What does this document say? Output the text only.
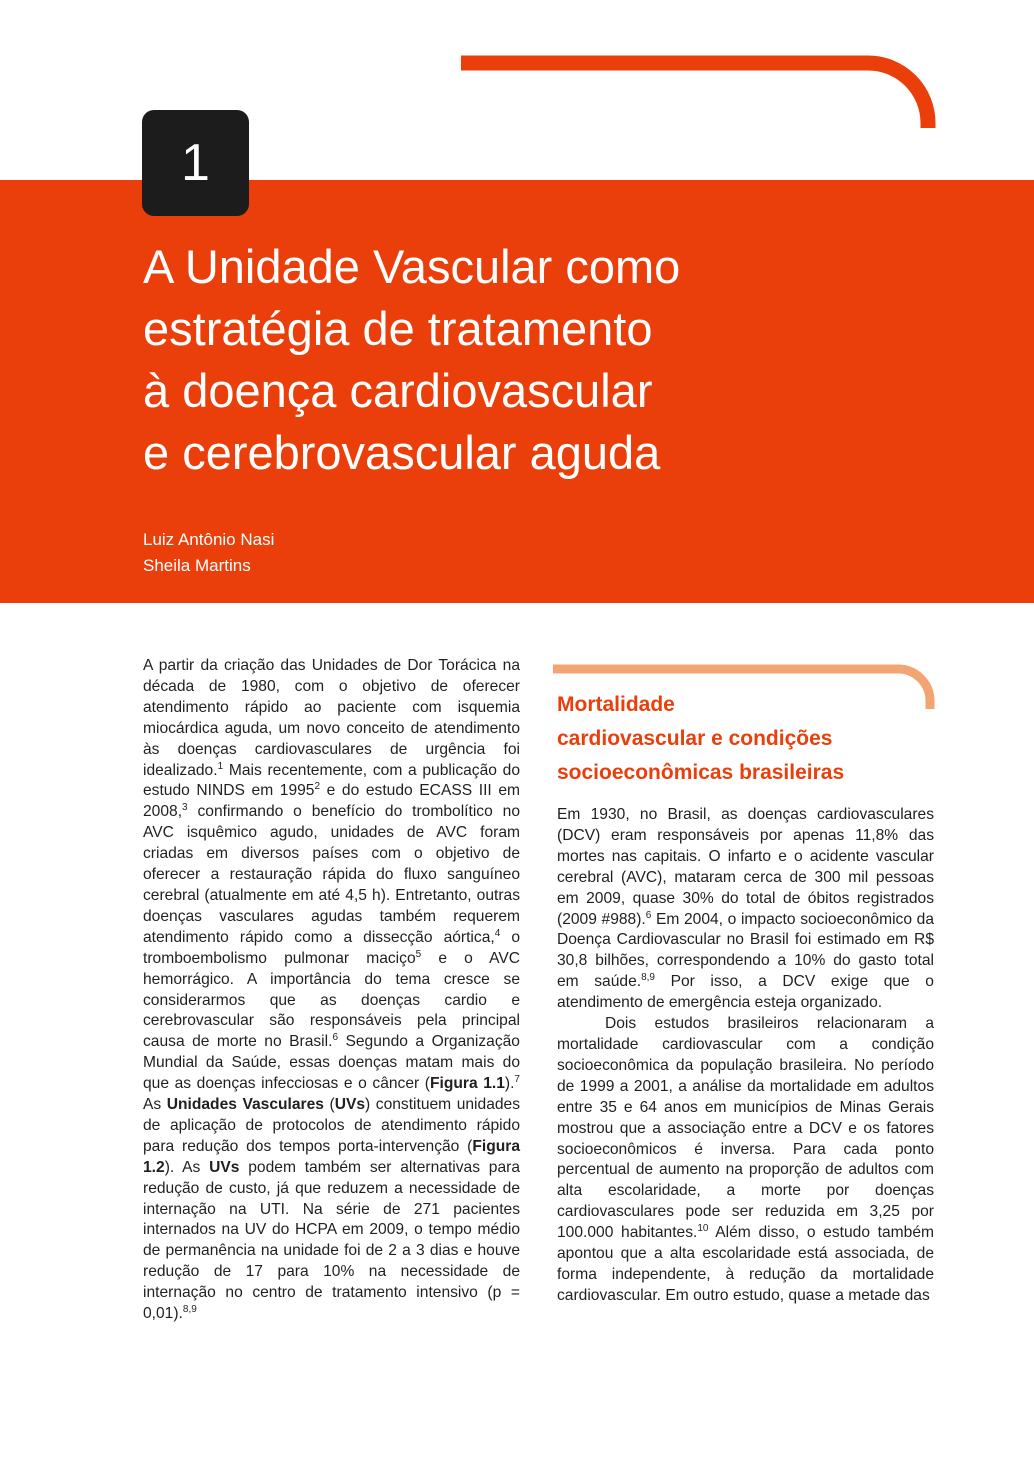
1
A Unidade Vascular como
estratégia de tratamento
à doença cardiovascular
e cerebrovascular aguda
Luiz Antônio Nasi
Sheila Martins

A partir da criação das Unidades de Dor Torácica na década de 1980, com o objetivo de oferecer atendimento rápido ao paciente com isquemia miocárdica aguda, um novo conceito de atendimento às doenças cardiovasculares de urgência foi idealizado.$^1$ Mais recentemente, com a publicação do estudo NINDS em 1995$^2$ e do estudo ECASS III em 2008,$^3$ confirmando o benefício do trombolítico no AVC isquêmico agudo, unidades de AVC foram criadas em diversos países com o objetivo de oferecer a restauração rápida do fluxo sanguíneo cerebral (atualmente em até 4,5 h). Entretanto, outras doenças vasculares agudas também requerem atendimento rápido como a dissecção aórtica,$^4$ o tromboembolismo pulmonar maciço$^5$ e o AVC hemorrágico. A importância do tema cresce se considerarmos que as doenças cardio e cerebrovascular são responsáveis pela principal causa de morte no Brasil.$^6$ Segundo a Organização Mundial da Saúde, essas doenças matam mais do que as doenças infecciosas e o câncer (Figura 1.1).$^7$ As Unidades Vasculares (UVs) constituem unidades de aplicação de protocolos de atendimento rápido para redução dos tempos porta-intervenção (Figura 1.2). As UVs podem também ser alternativas para redução de custo, já que reduzem a necessidade de internação na UTI. Na série de 271 pacientes internados na UV do HCPA em 2009, o tempo médio de permanência na unidade foi de 2 a 3 dias e houve redução de 17 para 10% na necessidade de internação no centro de tratamento intensivo (p = 0,01).$^{8,9}$

Mortalidade
cardiovascular e condições
socioeconômicas brasileiras

Em 1930, no Brasil, as doenças cardiovasculares (DCV) eram responsáveis por apenas 11,8% das mortes nas capitais. O infarto e o acidente vascular cerebral (AVC), mataram cerca de 300 mil pessoas em 2009, quase 30% do total de óbitos registrados (2009 #988).$^6$ Em 2004, o impacto socioeconômico da Doença Cardiovascular no Brasil foi estimado em R$ 30,8 bilhões, correspondendo a 10% do gasto total em saúde.$^{8,9}$ Por isso, a DCV exige que o atendimento de emergência esteja organizado.

Dois estudos brasileiros relacionaram a mortalidade cardiovascular com a condição socioeconômica da população brasileira. No período de 1999 a 2001, a análise da mortalidade em adultos entre 35 e 64 anos em municípios de Minas Gerais mostrou que a associação entre a DCV e os fatores socioeconômicos é inversa. Para cada ponto percentual de aumento na proporção de adultos com alta escolaridade, a morte por doenças cardiovasculares pode ser reduzida em 3,25 por 100.000 habitantes.$^{10}$ Além disso, o estudo também apontou que a alta escolaridade está associada, de forma independente, à redução da mortalidade cardiovascular. Em outro estudo, quase a metade das
